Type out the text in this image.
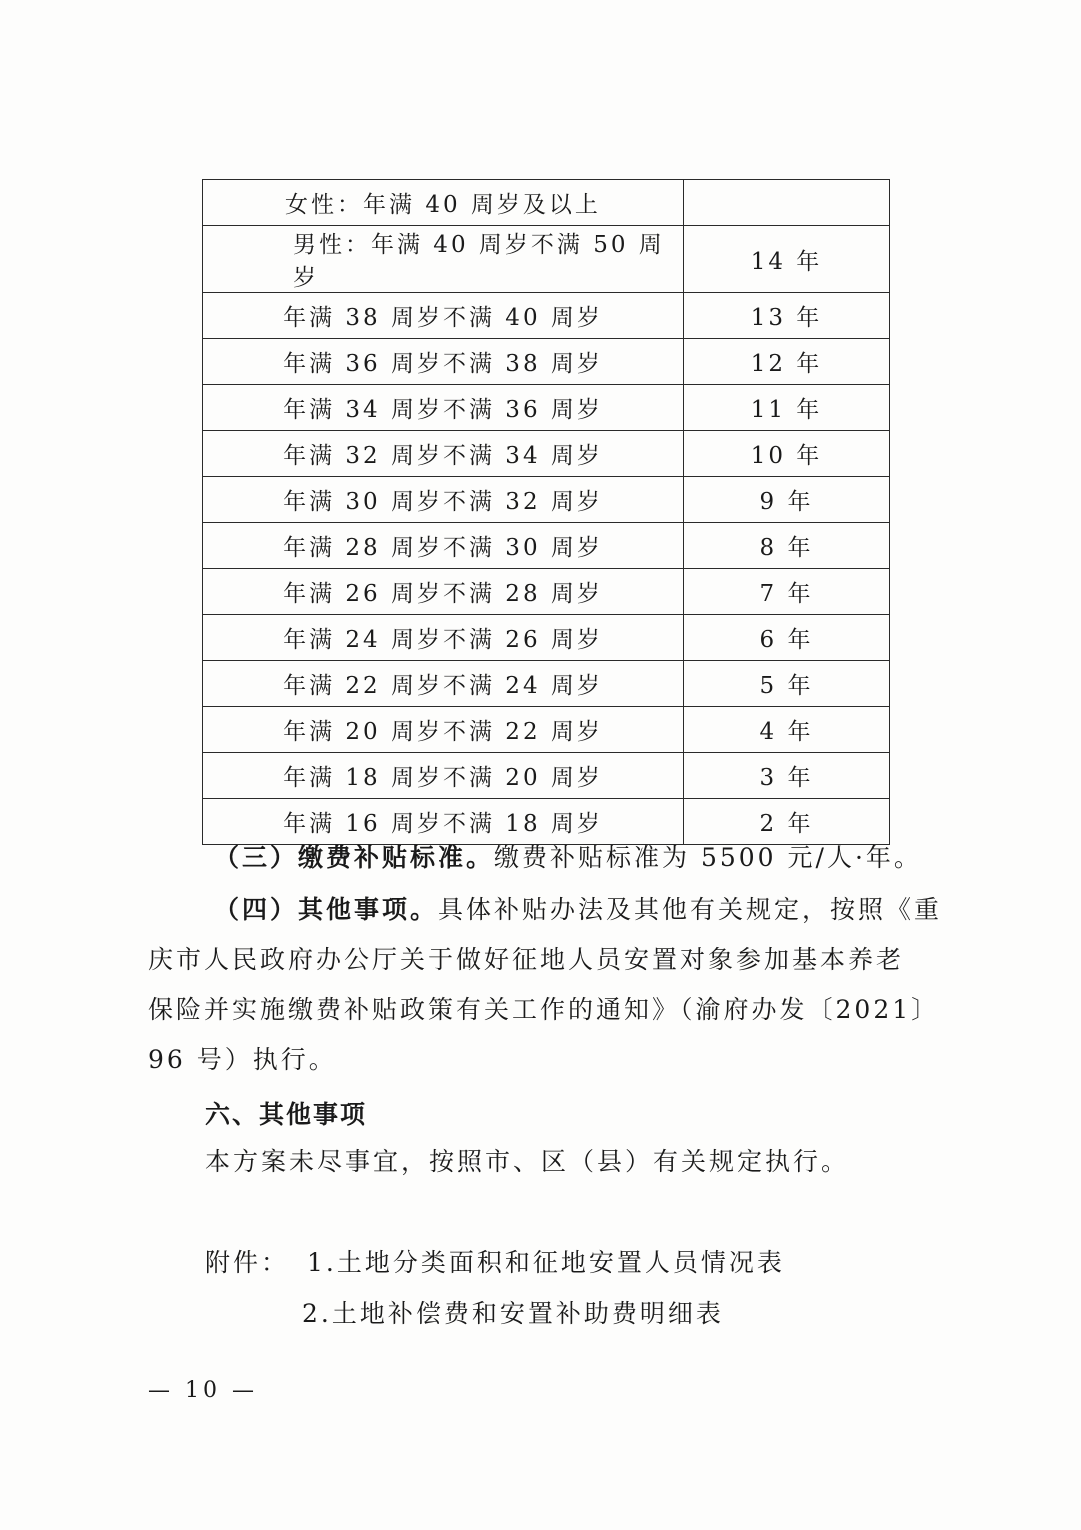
女性：年满 40 周岁及以上	
男性：年满 40 周岁不满 50 周岁	14 年
年满 38 周岁不满 40 周岁	13 年
年满 36 周岁不满 38 周岁	12 年
年满 34 周岁不满 36 周岁	11 年
年满 32 周岁不满 34 周岁	10 年
年满 30 周岁不满 32 周岁	9 年
年满 28 周岁不满 30 周岁	8 年
年满 26 周岁不满 28 周岁	7 年
年满 24 周岁不满 26 周岁	6 年
年满 22 周岁不满 24 周岁	5 年
年满 20 周岁不满 22 周岁	4 年
年满 18 周岁不满 20 周岁	3 年
年满 16 周岁不满 18 周岁	2 年

（三）缴费补贴标准。缴费补贴标准为 5500 元/人·年。

（四）其他事项。具体补贴办法及其他有关规定，按照《重

庆市人民政府办公厅关于做好征地人员安置对象参加基本养老

保险并实施缴费补贴政策有关工作的通知》（渝府办发〔2021〕

96 号）执行。

六、其他事项

本方案未尽事宜，按照市、区（县）有关规定执行。

附件： 1.土地分类面积和征地安置人员情况表

2.土地补偿费和安置补助费明细表

— 10 —
